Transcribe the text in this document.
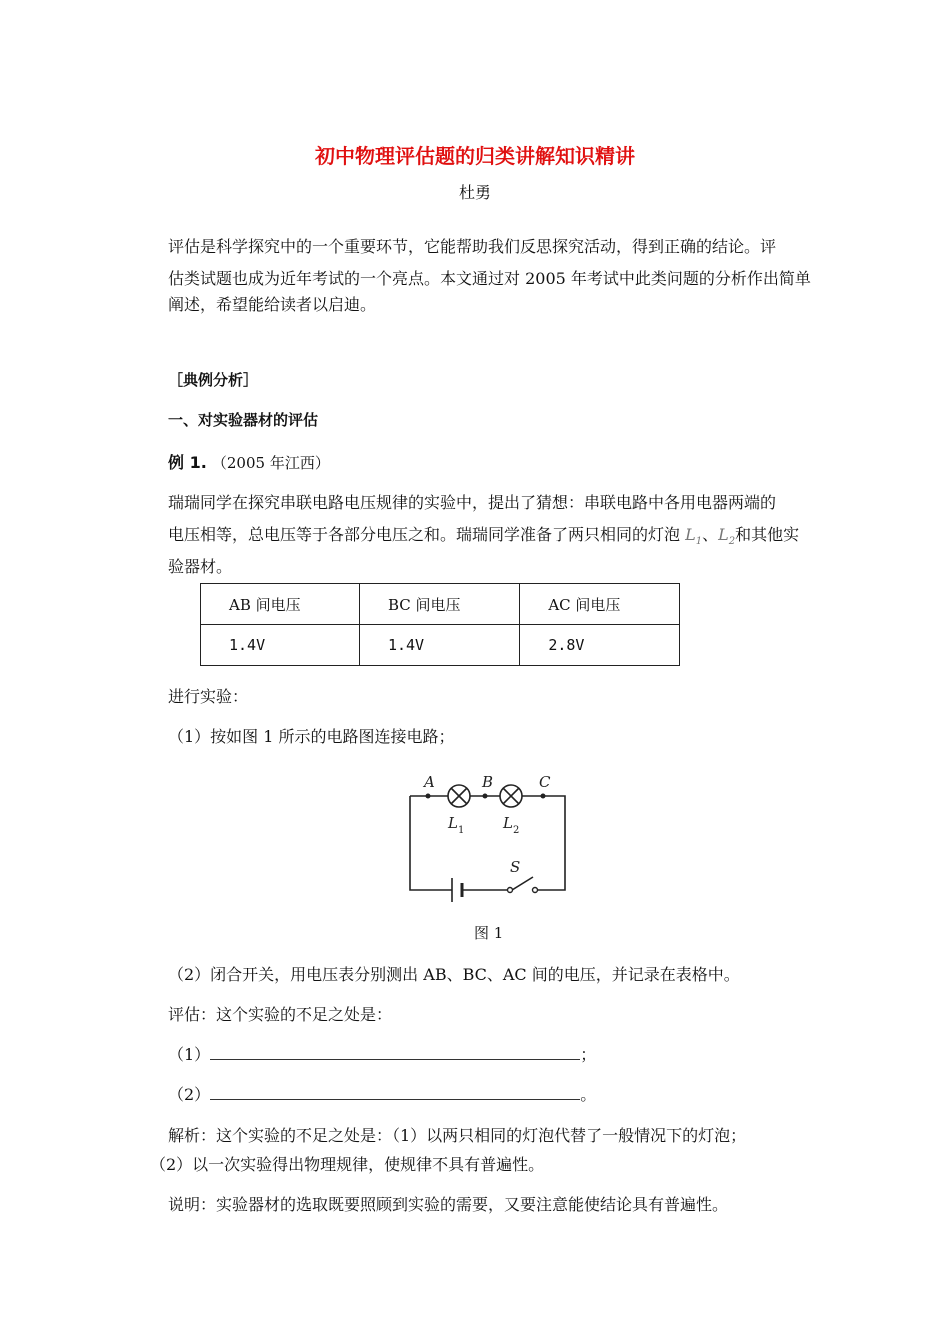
初中物理评估题的归类讲解知识精讲
杜勇
评估是科学探究中的一个重要环节，它能帮助我们反思探究活动，得到正确的结论。评
估类试题也成为近年考试的一个亮点。本文通过对 2005 年考试中此类问题的分析作出简单
阐述，希望能给读者以启迪。
［典例分析］
一、对实验器材的评估
例 1. （2005 年江西）
瑞瑞同学在探究串联电路电压规律的实验中，提出了猜想：串联电路中各用电器两端的
电压相等，总电压等于各部分电压之和。瑞瑞同学准备了两只相同的灯泡 $L_1$、$L_2$和其他实
验器材。
AB 间电压	BC 间电压	AC 间电压
1.4V	1.4V	2.8V
进行实验：
（1）按如图 1 所示的电路图连接电路；
A	B	C
$L_1$	$L_2$
S
图 1
（2）闭合开关，用电压表分别测出 AB、BC、AC 间的电压，并记录在表格中。
评估：这个实验的不足之处是：
（1）	；
（2）	。
解析：这个实验的不足之处是：（1）以两只相同的灯泡代替了一般情况下的灯泡；
（2）以一次实验得出物理规律，使规律不具有普遍性。
说明：实验器材的选取既要照顾到实验的需要，又要注意能使结论具有普遍性。
